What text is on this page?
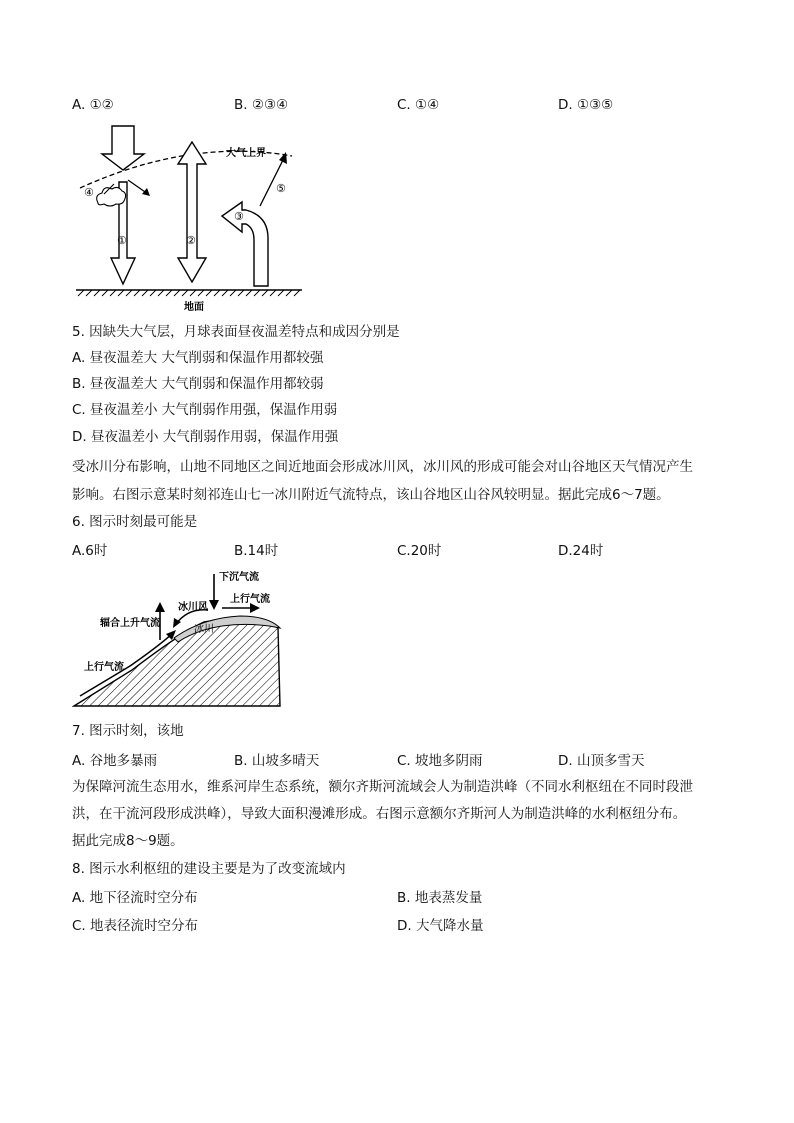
A. ①②	B. ②③④	C. ①④	D. ①③⑤
大气上界
地面
①	②
③
④	⑤
5. 因缺失大气层，月球表面昼夜温差特点和成因分别是
A. 昼夜温差大 大气削弱和保温作用都较强
B. 昼夜温差大 大气削弱和保温作用都较弱
C. 昼夜温差小 大气削弱作用强，保温作用弱
D. 昼夜温差小 大气削弱作用弱，保温作用强
受冰川分布影响，山地不同地区之间近地面会形成冰川风，冰川风的形成可能会对山谷地区天气情况产生
影响。右图示意某时刻祁连山七一冰川附近气流特点，该山谷地区山谷风较明显。据此完成6～7题。
6. 图示时刻最可能是
A.6时	B.14时	C.20时	D.24时
下沉气流
冰川风
上行气流
辐合上升气流
冰川
上行气流
7. 图示时刻，该地
A. 谷地多暴雨	B. 山坡多晴天	C. 坡地多阴雨	D. 山顶多雪天
为保障河流生态用水，维系河岸生态系统，额尔齐斯河流域会人为制造洪峰（不同水利枢纽在不同时段泄
洪，在干流河段形成洪峰），导致大面积漫滩形成。右图示意额尔齐斯河人为制造洪峰的水利枢纽分布。
据此完成8～9题。
8. 图示水利枢纽的建设主要是为了改变流域内
A. 地下径流时空分布	B. 地表蒸发量
C. 地表径流时空分布	D. 大气降水量
